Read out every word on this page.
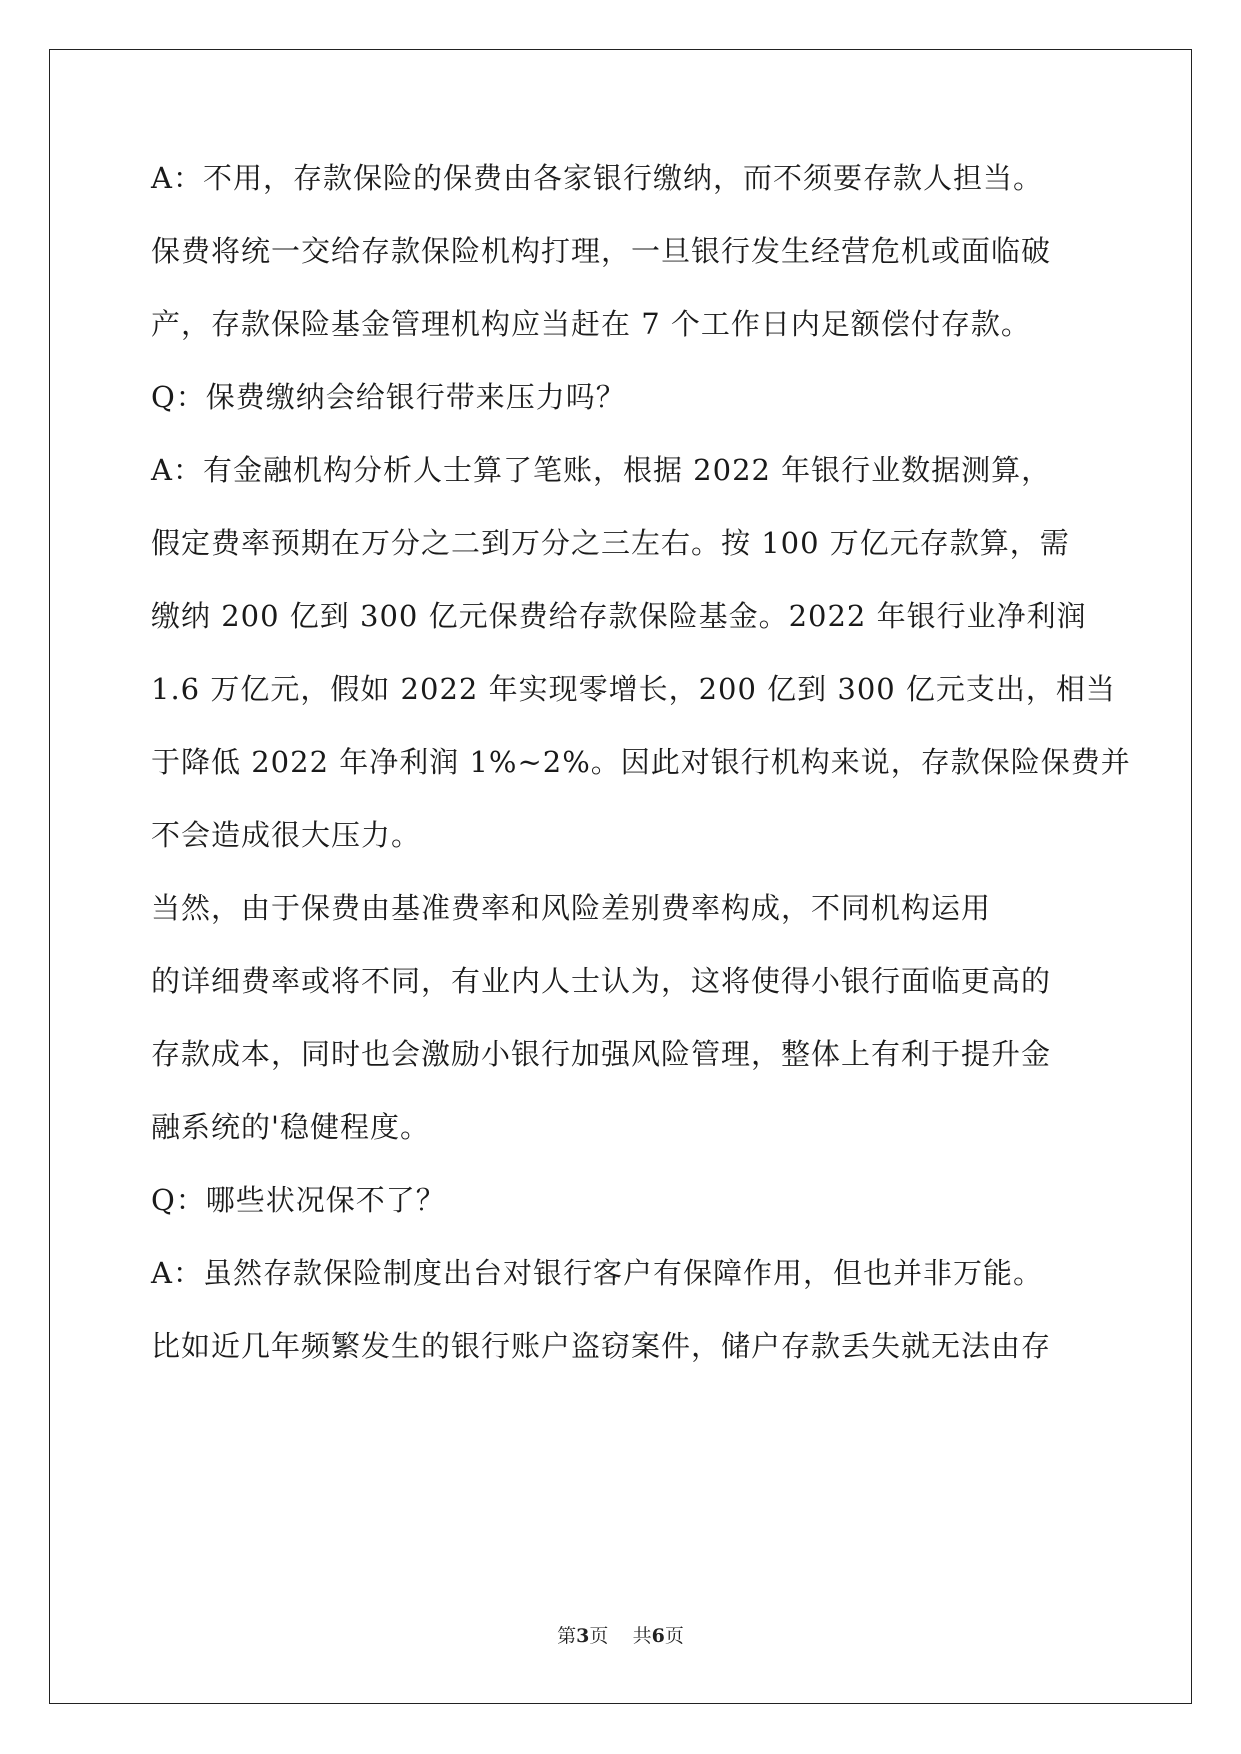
A：不用，存款保险的保费由各家银行缴纳，而不须要存款人担当。
保费将统一交给存款保险机构打理，一旦银行发生经营危机或面临破
产，存款保险基金管理机构应当赶在 7 个工作日内足额偿付存款。
Q：保费缴纳会给银行带来压力吗？
A：有金融机构分析人士算了笔账，根据 2022 年银行业数据测算，
假定费率预期在万分之二到万分之三左右。按 100 万亿元存款算，需
缴纳 200 亿到 300 亿元保费给存款保险基金。2022 年银行业净利润
1.6 万亿元，假如 2022 年实现零增长，200 亿到 300 亿元支出，相当
于降低 2022 年净利润 1%~2%。因此对银行机构来说，存款保险保费并
不会造成很大压力。
当然，由于保费由基准费率和风险差别费率构成，不同机构运用
的详细费率或将不同，有业内人士认为，这将使得小银行面临更高的
存款成本，同时也会激励小银行加强风险管理，整体上有利于提升金
融系统的'稳健程度。
Q：哪些状况保不了？
A：虽然存款保险制度出台对银行客户有保障作用，但也并非万能。
比如近几年频繁发生的银行账户盗窃案件，储户存款丢失就无法由存
第3页 共6页
